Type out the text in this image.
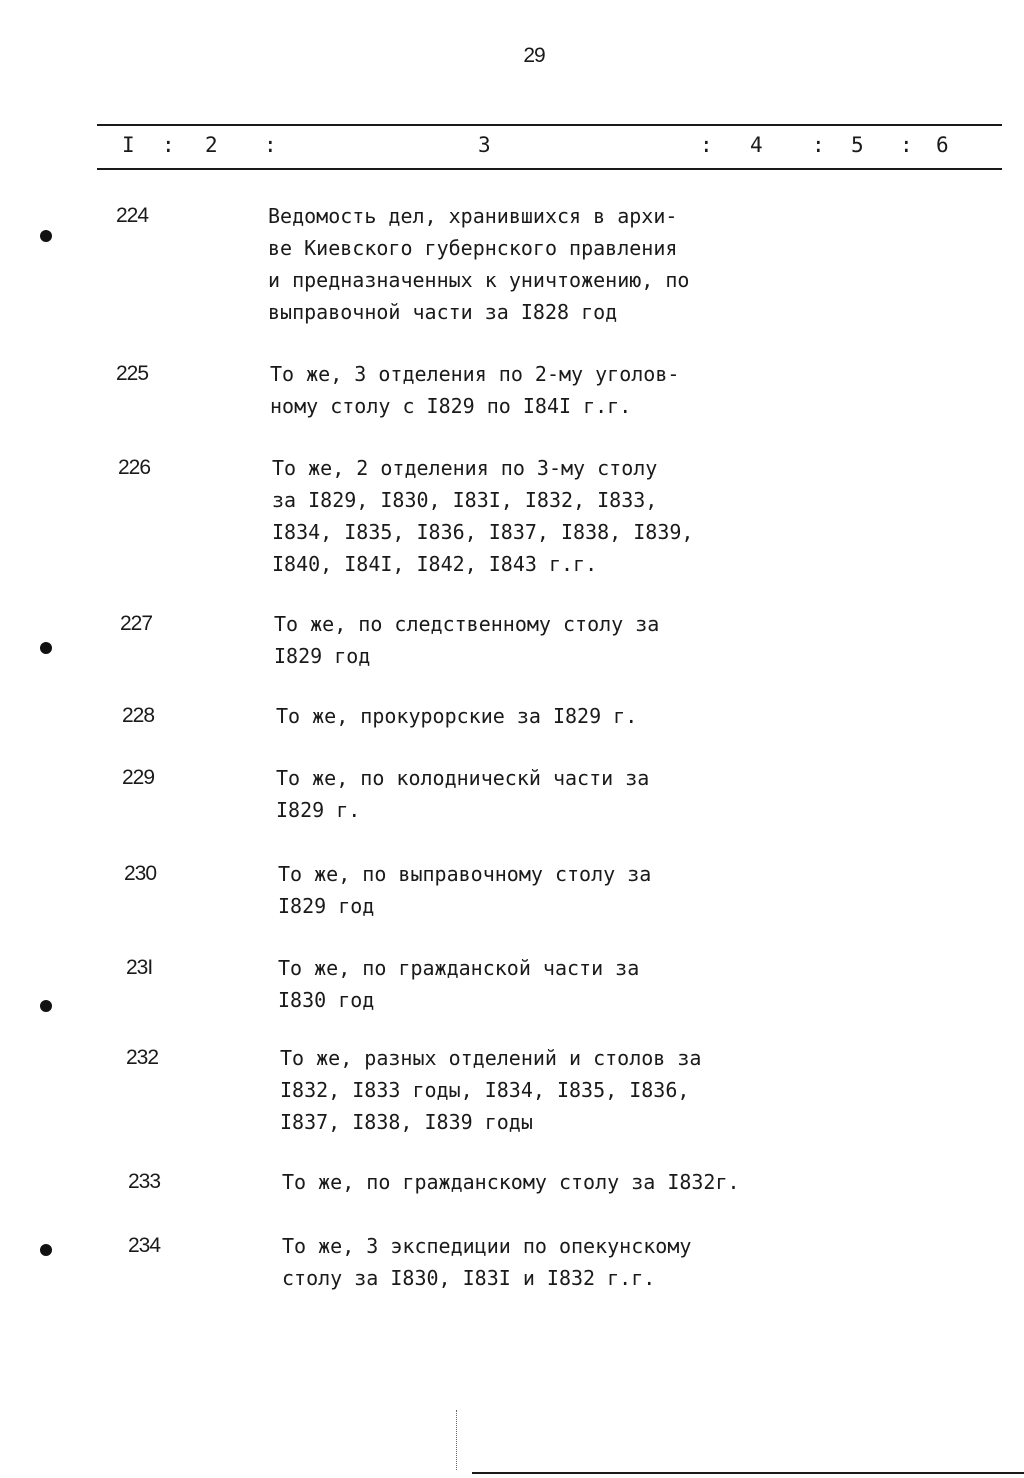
29
I : 2 :	3	: 4 : 5 : 6
224	Ведомость дел, хранившихся в архи-
ве Киевского губернского правления
и предназначенных к уничтожению, по
выправочной части за I828 год
225	То же, 3 отделения по 2-му уголов-
ному столу с I829 по I84I г.г.
226	То же, 2 отделения по 3-му столу
за I829, I830, I83I, I832, I833,
I834, I835, I836, I837, I838, I839,
I840, I84I, I842, I843 г.г.
227	То же, по следственному столу за
I829 год
228	То же, прокурорские за I829 г.
229	То же, по колодническй части за
I829 г.
230	То же, по выправочному столу за
I829 год
23I	То же, по гражданской части за
I830 год
232	То же, разных отделений и столов за
I832, I833 годы, I834, I835, I836,
I837, I838, I839 годы
233	То же, по гражданскому столу за I832г.
234	То же, 3 экспедиции по опекунскому
столу за I830, I83I и I832 г.г.
